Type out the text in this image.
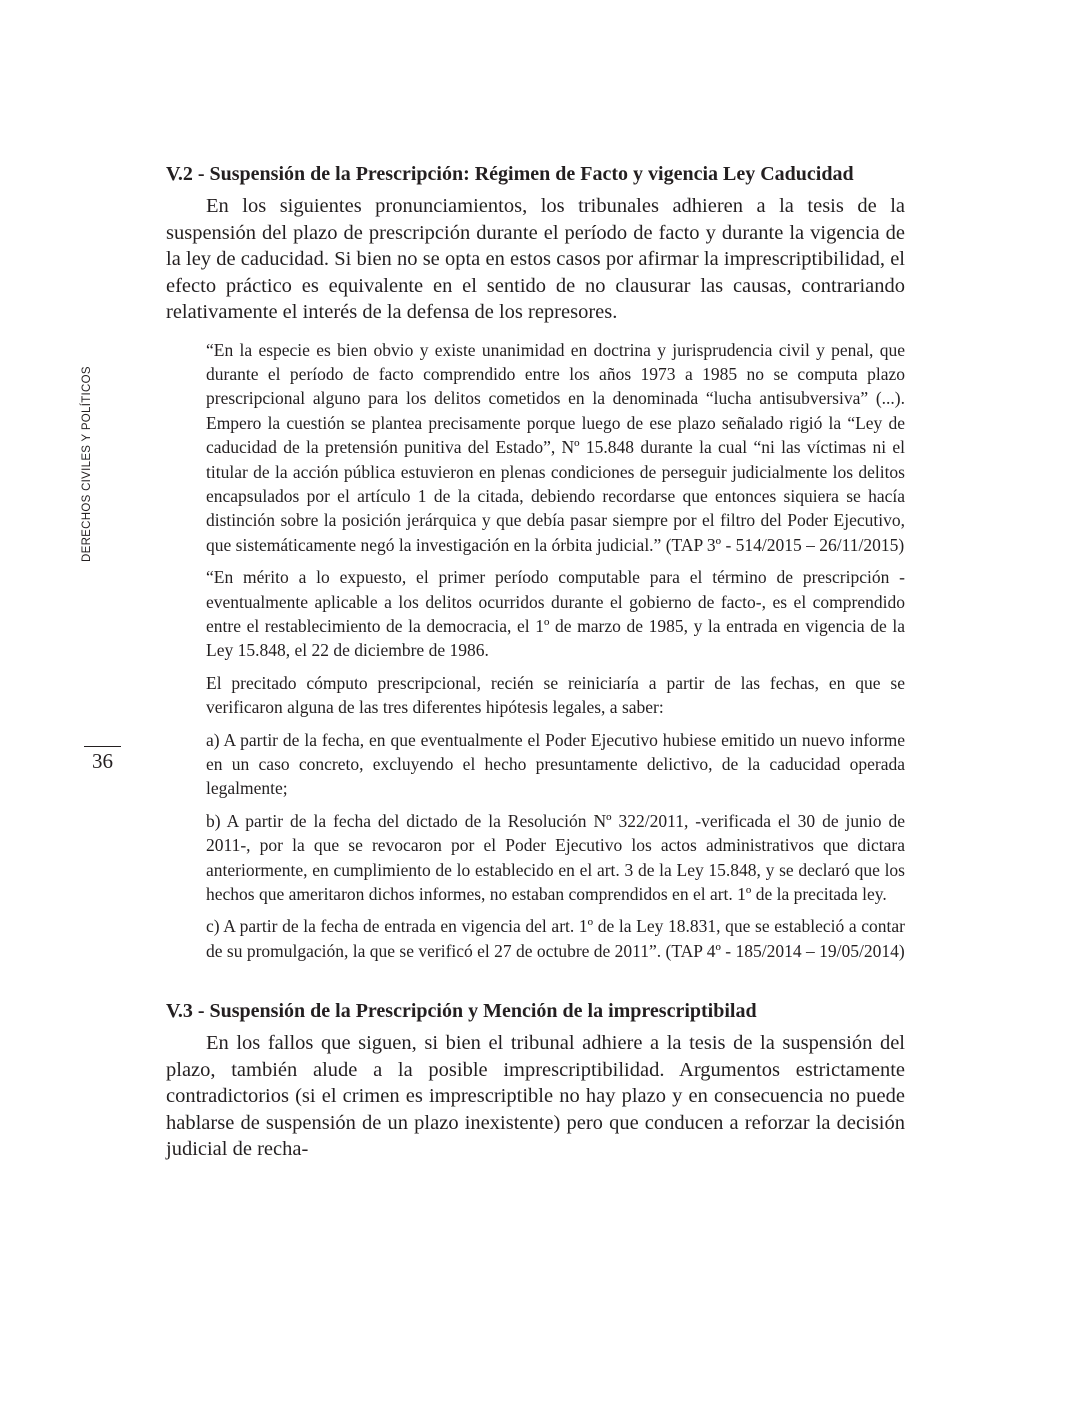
DERECHOS CIVILES Y POLÍTICOS
36
V.2 - Suspensión de la Prescripción: Régimen de Facto y vigencia Ley Caducidad

En los siguientes pronunciamientos, los tribunales adhieren a la tesis de la suspensión del plazo de prescripción durante el período de facto y durante la vigencia de la ley de caducidad. Si bien no se opta en estos casos por afirmar la imprescriptibilidad, el efecto práctico es equivalente en el sentido de no clausurar las causas, contrariando relativamente el interés de la defensa de los represores.

“En la especie es bien obvio y existe unanimidad en doctrina y jurisprudencia civil y penal, que durante el período de facto comprendido entre los años 1973 a 1985 no se computa plazo prescripcional alguno para los delitos cometidos en la denominada “lucha antisubversiva” (...). Empero la cuestión se plantea precisamente porque luego de ese plazo señalado rigió la “Ley de caducidad de la pretensión punitiva del Estado”, Nº 15.848 durante la cual “ni las víctimas ni el titular de la acción pública estuvieron en plenas condiciones de perseguir judicialmente los delitos encapsulados por el artículo 1 de la citada, debiendo recordarse que entonces siquiera se hacía distinción sobre la posición jerárquica y que debía pasar siempre por el filtro del Poder Ejecutivo, que sistemáticamente negó la investigación en la órbita judicial.” (TAP 3º - 514/2015 – 26/11/2015)

“En mérito a lo expuesto, el primer período computable para el término de prescripción -eventualmente aplicable a los delitos ocurridos durante el gobierno de facto-, es el comprendido entre el restablecimiento de la democracia, el 1º de marzo de 1985, y la entrada en vigencia de la Ley 15.848, el 22 de diciembre de 1986.

El precitado cómputo prescripcional, recién se reiniciaría a partir de las fechas, en que se verificaron alguna de las tres diferentes hipótesis legales, a saber:

a) A partir de la fecha, en que eventualmente el Poder Ejecutivo hubiese emitido un nuevo informe en un caso concreto, excluyendo el hecho presuntamente delictivo, de la caducidad operada legalmente;

b) A partir de la fecha del dictado de la Resolución Nº 322/2011, -verificada el 30 de junio de 2011-, por la que se revocaron por el Poder Ejecutivo los actos administrativos que dictara anteriormente, en cumplimiento de lo establecido en el art. 3 de la Ley 15.848, y se declaró que los hechos que ameritaron dichos informes, no estaban comprendidos en el art. 1º de la precitada ley.

c) A partir de la fecha de entrada en vigencia del art. 1º de la Ley 18.831, que se estableció a contar de su promulgación, la que se verificó el 27 de octubre de 2011”. (TAP 4º - 185/2014 – 19/05/2014)

V.3 - Suspensión de la Prescripción y Mención de la imprescriptibilad

En los fallos que siguen, si bien el tribunal adhiere a la tesis de la suspensión del plazo, también alude a la posible imprescriptibilidad. Argumentos estrictamente contradictorios (si el crimen es imprescriptible no hay plazo y en consecuencia no puede hablarse de suspensión de un plazo inexistente) pero que conducen a reforzar la decisión judicial de recha-
